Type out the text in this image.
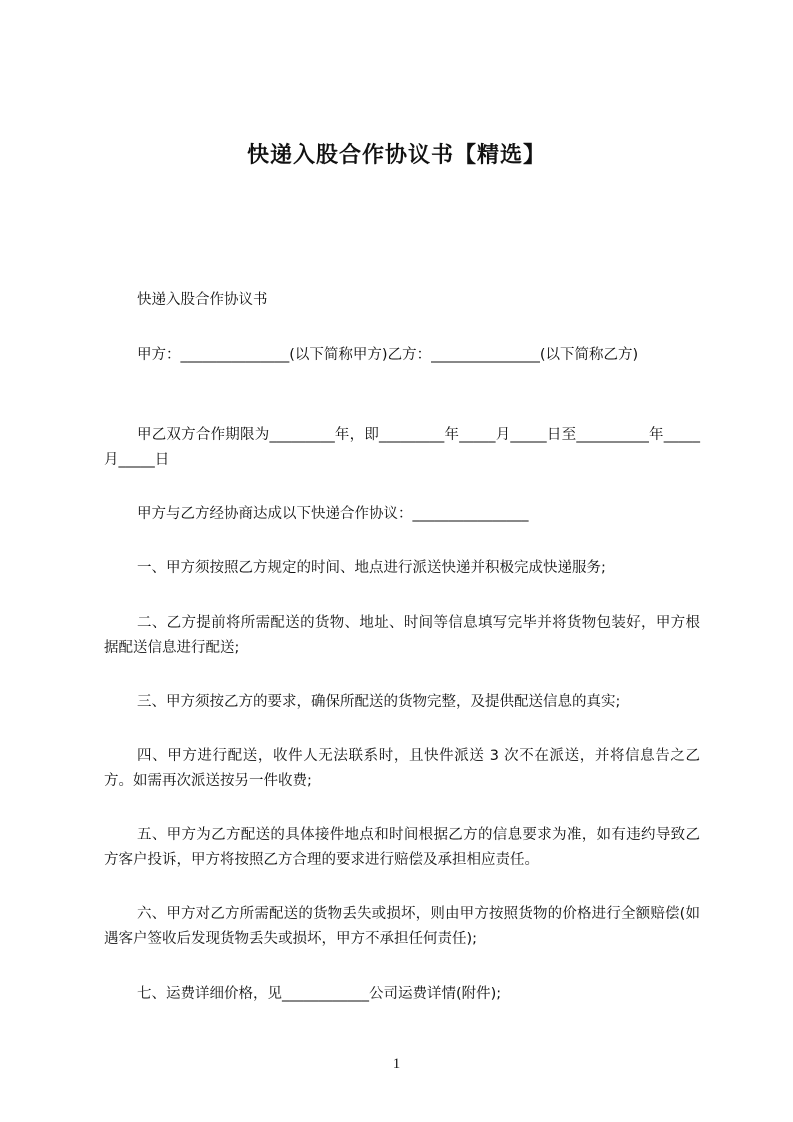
快递入股合作协议书【精选】

快递入股合作协议书

甲方：_______________(以下简称甲方)乙方：_______________(以下简称乙方)

甲乙双方合作期限为_________年，即_________年_____月_____日至__________年_____月_____日

甲方与乙方经协商达成以下快递合作协议：________________

一、甲方须按照乙方规定的时间、地点进行派送快递并积极完成快递服务;

二、乙方提前将所需配送的货物、地址、时间等信息填写完毕并将货物包装好，甲方根据配送信息进行配送;

三、甲方须按乙方的要求，确保所配送的货物完整，及提供配送信息的真实;

四、甲方进行配送，收件人无法联系时，且快件派送 3 次不在派送，并将信息告之乙方。如需再次派送按另一件收费;

五、甲方为乙方配送的具体接件地点和时间根据乙方的信息要求为准，如有违约导致乙方客户投诉，甲方将按照乙方合理的要求进行赔偿及承担相应责任。

六、甲方对乙方所需配送的货物丢失或损坏，则由甲方按照货物的价格进行全额赔偿(如遇客户签收后发现货物丢失或损坏，甲方不承担任何责任);

七、运费详细价格，见____________公司运费详情(附件);

1
